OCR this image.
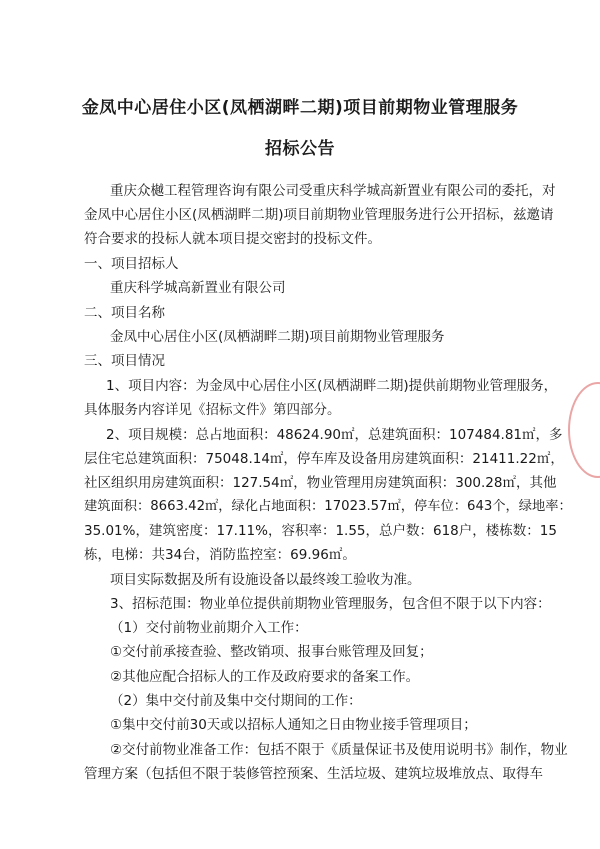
金凤中心居住小区(凤栖湖畔二期)项目前期物业管理服务
招标公告
重庆众樾工程管理咨询有限公司受重庆科学城高新置业有限公司的委托，对
金凤中心居住小区(凤栖湖畔二期)项目前期物业管理服务进行公开招标，兹邀请
符合要求的投标人就本项目提交密封的投标文件。
一、项目招标人
重庆科学城高新置业有限公司
二、项目名称
金凤中心居住小区(凤栖湖畔二期)项目前期物业管理服务
三、项目情况
1、项目内容：为金凤中心居住小区(凤栖湖畔二期)提供前期物业管理服务，
具体服务内容详见《招标文件》第四部分。
2、项目规模：总占地面积：48624.90㎡，总建筑面积：107484.81㎡，多
层住宅总建筑面积：75048.14㎡，停车库及设备用房建筑面积：21411.22㎡，
社区组织用房建筑面积：127.54㎡，物业管理用房建筑面积：300.28㎡，其他
建筑面积：8663.42㎡，绿化占地面积：17023.57㎡，停车位：643个，绿地率：
35.01%，建筑密度：17.11%，容积率：1.55，总户数：618户，楼栋数：15
栋，电梯：共34台，消防监控室：69.96㎡。
项目实际数据及所有设施设备以最终竣工验收为准。
3、招标范围：物业单位提供前期物业管理服务，包含但不限于以下内容：
（1）交付前物业前期介入工作：
①交付前承接查验、整改销项、报事台账管理及回复；
②其他应配合招标人的工作及政府要求的备案工作。
（2）集中交付前及集中交付期间的工作：
①集中交付前30天或以招标人通知之日由物业接手管理项目；
②交付前物业准备工作：包括不限于《质量保证书及使用说明书》制作，物业
管理方案（包括但不限于装修管控预案、生活垃圾、建筑垃圾堆放点、取得车
